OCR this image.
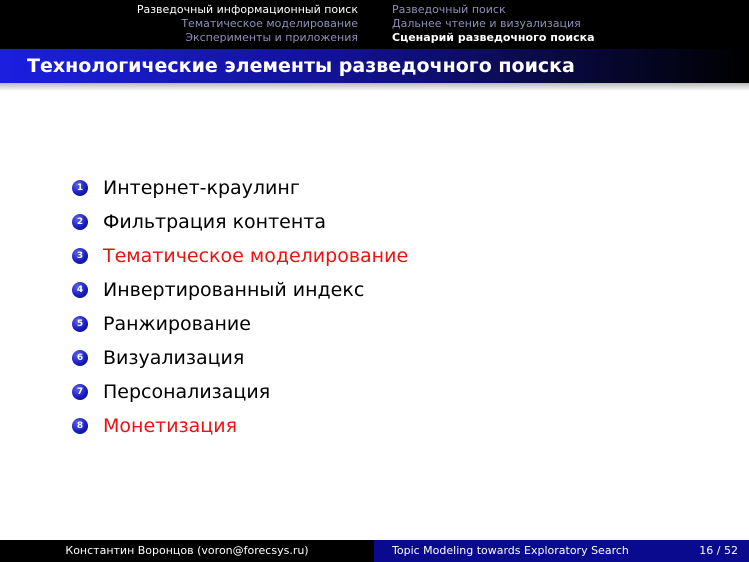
Разведочный информационный поиск
Тематическое моделирование
Эксперименты и приложения
Разведочный поиск
Дальнее чтение и визуализация
Сценарий разведочного поиска
Технологические элементы разведочного поиска
1 Интернет-краулинг
2 Фильтрация контента
3 Тематическое моделирование
4 Инвертированный индекс
5 Ранжирование
6 Визуализация
7 Персонализация
8 Монетизация
Константин Воронцов (voron@forecsys.ru)	Topic Modeling towards Exploratory Search	16 / 52
